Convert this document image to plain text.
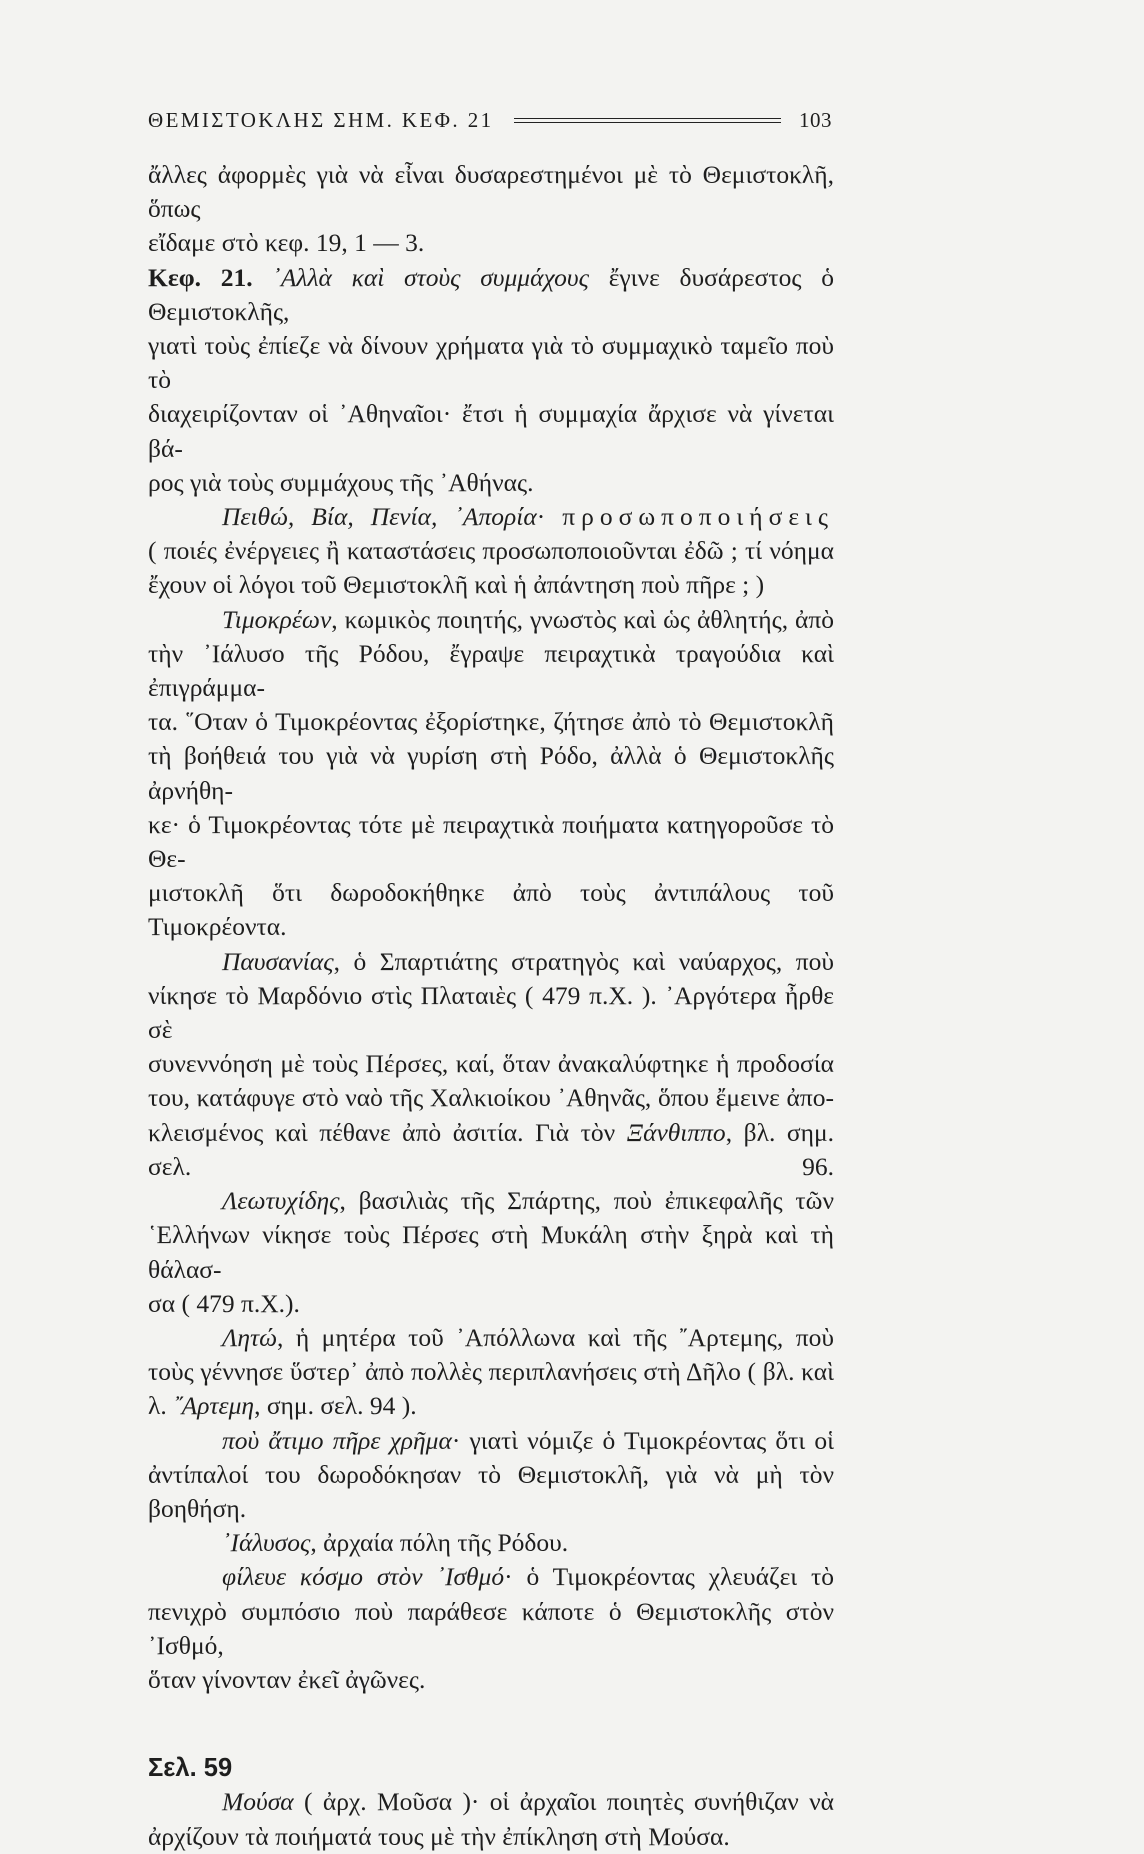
ΘΕΜΙΣΤΟΚΛΗΣ ΣΗΜ. ΚΕΦ. 21	103
ἄλλες ἀφορμὲς γιὰ νὰ εἶναι δυσαρεστημένοι μὲ τὸ Θεμιστοκλῆ, ὅπως
εἴδαμε στὸ κεφ. 19, 1 — 3.
Κεφ. 21. ᾿Αλλὰ καὶ στοὺς συμμάχους ἔγινε δυσάρεστος ὁ Θεμιστοκλῆς,
γιατὶ τοὺς ἐπίεζε νὰ δίνουν χρήματα γιὰ τὸ συμμαχικὸ ταμεῖο ποὺ τὸ
διαχειρίζονταν οἱ ᾿Αθηναῖοι· ἔτσι ἡ συμμαχία ἄρχισε νὰ γίνεται βά-
ρος γιὰ τοὺς συμμάχους τῆς ᾿Αθήνας.
Πειθώ, Βία, Πενία, ᾿Απορία· προσωποποιήσεις
( ποιές ἐνέργειες ἢ καταστάσεις προσωποποιοῦνται ἐδῶ ; τί νόημα
ἔχουν οἱ λόγοι τοῦ Θεμιστοκλῆ καὶ ἡ ἀπάντηση ποὺ πῆρε ; )
Τιμοκρέων, κωμικὸς ποιητής, γνωστὸς καὶ ὡς ἀθλητής, ἀπὸ
τὴν ᾿Ιάλυσο τῆς Ρόδου, ἔγραψε πειραχτικὰ τραγούδια καὶ ἐπιγράμμα-
τα. ῞Οταν ὁ Τιμοκρέοντας ἐξορίστηκε, ζήτησε ἀπὸ τὸ Θεμιστοκλῆ
τὴ βοήθειά του γιὰ νὰ γυρίση στὴ Ρόδο, ἀλλὰ ὁ Θεμιστοκλῆς ἀρνήθη-
κε· ὁ Τιμοκρέοντας τότε μὲ πειραχτικὰ ποιήματα κατηγοροῦσε τὸ Θε-
μιστοκλῆ ὅτι δωροδοκήθηκε ἀπὸ τοὺς ἀντιπάλους τοῦ Τιμοκρέοντα.
Παυσανίας, ὁ Σπαρτιάτης στρατηγὸς καὶ ναύαρχος, ποὺ
νίκησε τὸ Μαρδόνιο στὶς Πλαταιὲς ( 479 π.Χ. ). ᾿Αργότερα ἦρθε σὲ
συνεννόηση μὲ τοὺς Πέρσες, καί, ὅταν ἀνακαλύφτηκε ἡ προδοσία
του, κατάφυγε στὸ ναὸ τῆς Χαλκιοίκου ᾿Αθηνᾶς, ὅπου ἔμεινε ἀπο-
κλεισμένος καὶ πέθανε ἀπὸ ἀσιτία. Γιὰ τὸν Ξάνθιππο, βλ. σημ. σελ. 96.
Λεωτυχίδης, βασιλιὰς τῆς Σπάρτης, ποὺ ἐπικεφαλῆς τῶν
῾Ελλήνων νίκησε τοὺς Πέρσες στὴ Μυκάλη στὴν ξηρὰ καὶ τὴ θάλασ-
σα ( 479 π.Χ.).
Λητώ, ἡ μητέρα τοῦ ᾿Απόλλωνα καὶ τῆς ῎Αρτεμης, ποὺ
τοὺς γέννησε ὕστερ᾿ ἀπὸ πολλὲς περιπλανήσεις στὴ Δῆλο ( βλ. καὶ
λ. ῎Αρτεμη, σημ. σελ. 94 ).
ποὺ ἄτιμο πῆρε χρῆμα· γιατὶ νόμιζε ὁ Τιμοκρέοντας ὅτι οἱ
ἀντίπαλοί του δωροδόκησαν τὸ Θεμιστοκλῆ, γιὰ νὰ μὴ τὸν βοηθήση.
᾿Ιάλυσος, ἀρχαία πόλη τῆς Ρόδου.
φίλευε κόσμο στὸν ᾿Ισθμό· ὁ Τιμοκρέοντας χλευάζει τὸ
πενιχρὸ συμπόσιο ποὺ παράθεσε κάποτε ὁ Θεμιστοκλῆς στὸν ᾿Ισθμό,
ὅταν γίνονταν ἐκεῖ ἀγῶνες.
Σελ. 59
Μούσα ( ἀρχ. Μοῦσα )· οἱ ἀρχαῖοι ποιητὲς συνήθιζαν νὰ
ἀρχίζουν τὰ ποιήματά τους μὲ τὴν ἐπίκληση στὴ Μούσα.
